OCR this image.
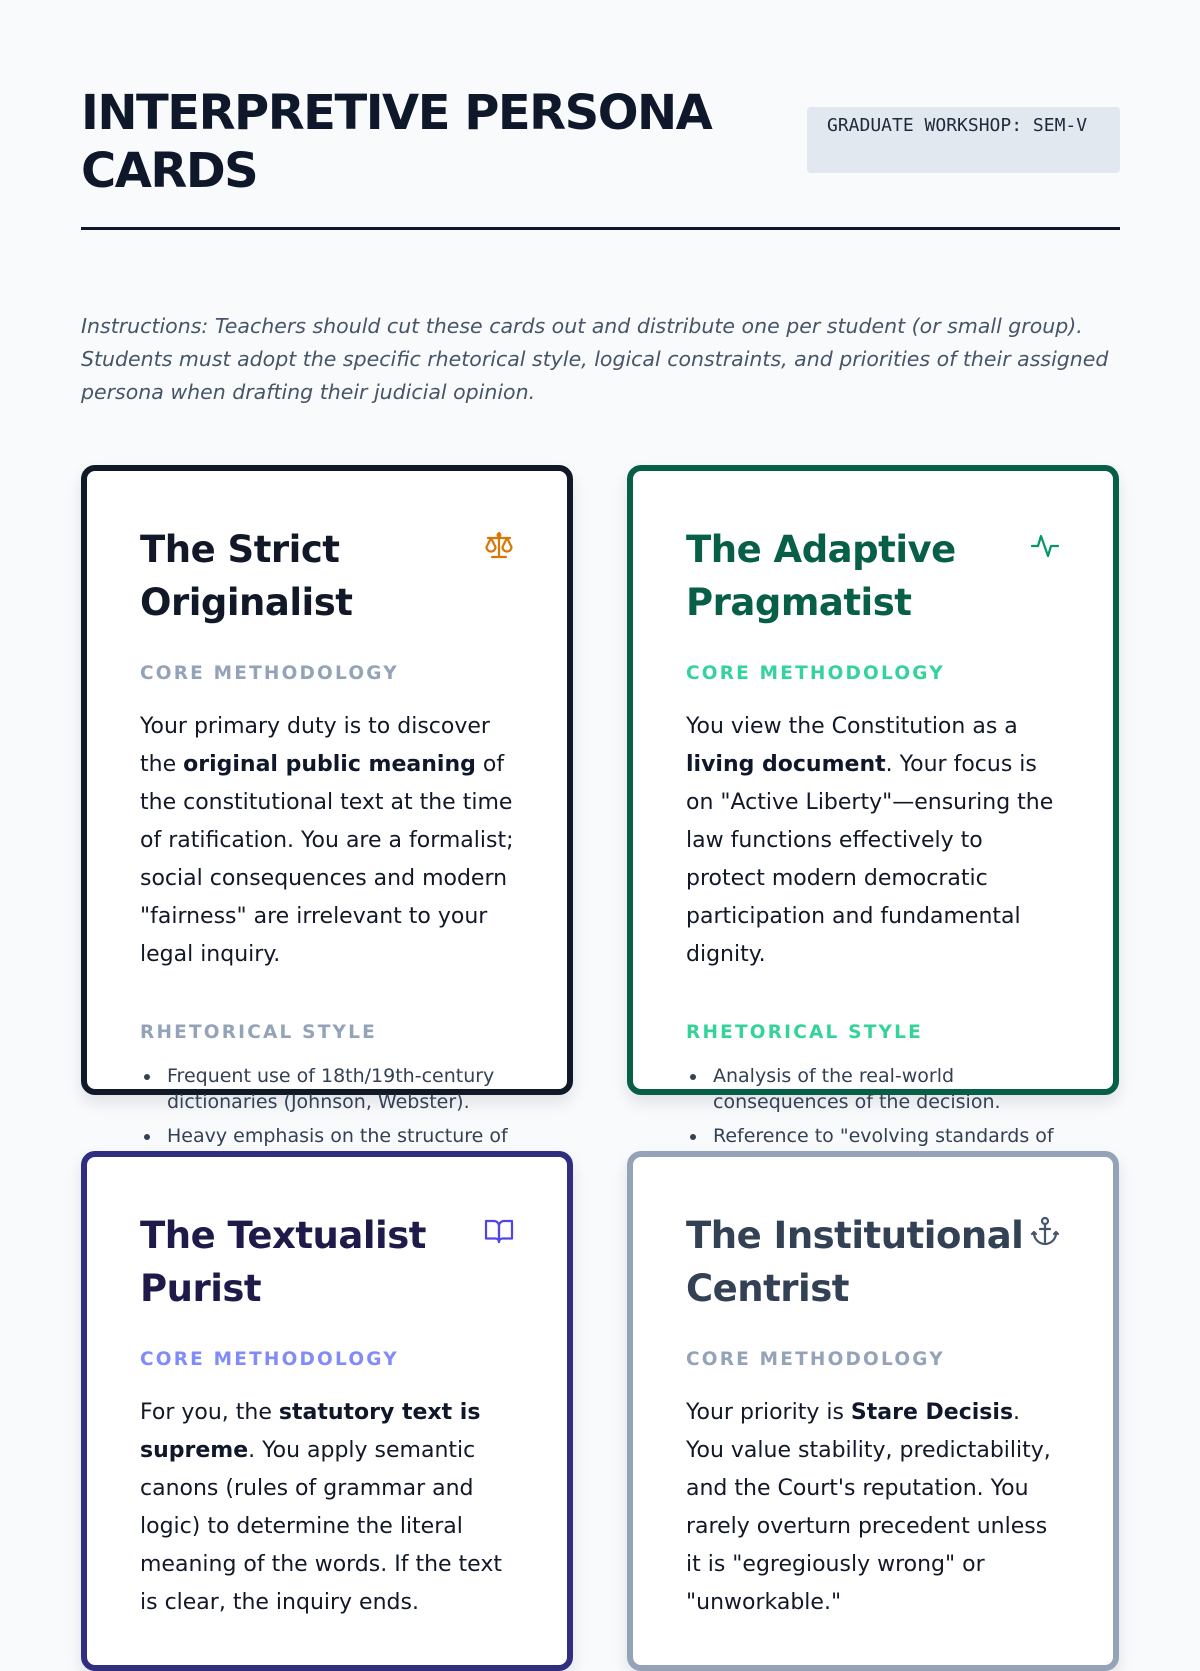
INTERPRETIVE PERSONA CARDS
GRADUATE WORKSHOP: SEM-V

Instructions: Teachers should cut these cards out and distribute one per student (or small group). Students must adopt the specific rhetorical style, logical constraints, and priorities of their assigned persona when drafting their judicial opinion.

The Strict Originalist
CORE METHODOLOGY

Your primary duty is to discover the original public meaning of the constitutional text at the time of ratification. You are a formalist; social consequences and modern "fairness" are irrelevant to your legal inquiry.

RHETORICAL STYLE
Frequent use of 18th/19th-century dictionaries (Johnson, Webster).
Heavy emphasis on the structure of
The Adaptive Pragmatist
CORE METHODOLOGY

You view the Constitution as a living document. Your focus is on "Active Liberty"—ensuring the law functions effectively to protect modern democratic participation and fundamental dignity.

RHETORICAL STYLE
Analysis of the real-world consequences of the decision.
Reference to "evolving standards of
The Textualist Purist
CORE METHODOLOGY

For you, the statutory text is supreme. You apply semantic canons (rules of grammar and logic) to determine the literal meaning of the words. If the text is clear, the inquiry ends.

The Institutional Centrist
CORE METHODOLOGY

Your priority is Stare Decisis. You value stability, predictability, and the Court's reputation. You rarely overturn precedent unless it is "egregiously wrong" or "unworkable."
